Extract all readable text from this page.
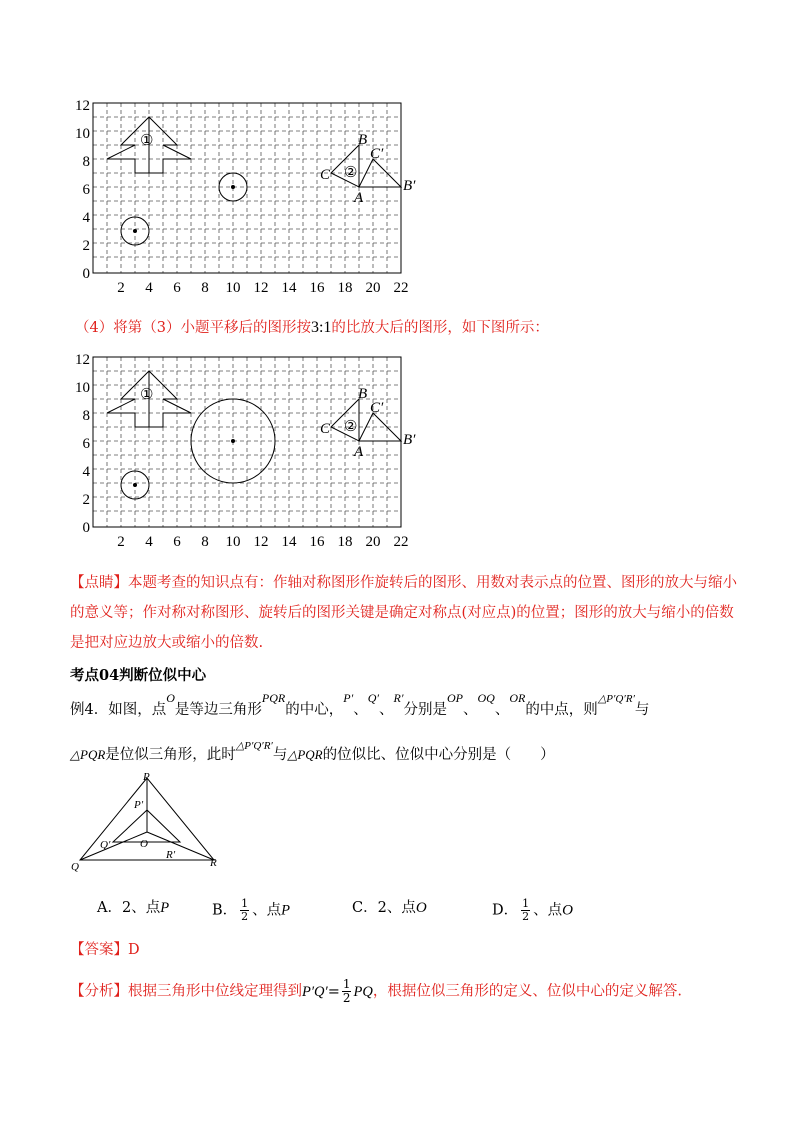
0
2
4
6
8
10
12
2 4 6 8 10 12 14 16 18 20 22
①
②
B
C
A
C′
B′
（4）将第（3）小题平移后的图形按3:1的比放大后的图形，如下图所示：
0
2
4
6
8
10
12
2 4 6 8 10 12 14 16 18 20 22
①
②
B
C
A
C′
B′
【点睛】本题考查的知识点有：作轴对称图形作旋转后的图形、用数对表示点的位置、图形的放大与缩小
的意义等；作对称对称图形、旋转后的图形关键是确定对称点(对应点)的位置；图形的放大与缩小的倍数
是把对应边放大或缩小的倍数.
考点04判断位似中心
例4．如图，点$^O$是等边三角形$^{PQR}$的中心，$^{P'}$、$^{Q'}$、$^{R'}$分别是$^{OP}$、$^{OQ}$、$^{OR}$的中点，则$^{\triangle P'Q'R'}$与
△PQR是位似三角形，此时$^{\triangle P'Q'R'}$与△PQR的位似比、位似中心分别是（　　）
P
P′
O
Q′
R′
Q	R
A．2、点P	B． $\frac{1}{2}$ 、点P	C．2、点O	D． $\frac{1}{2}$ 、点O
【答案】D
【分析】根据三角形中位线定理得到$P'Q'= \frac{1}{2}$ PQ，根据位似三角形的定义、位似中心的定义解答.
